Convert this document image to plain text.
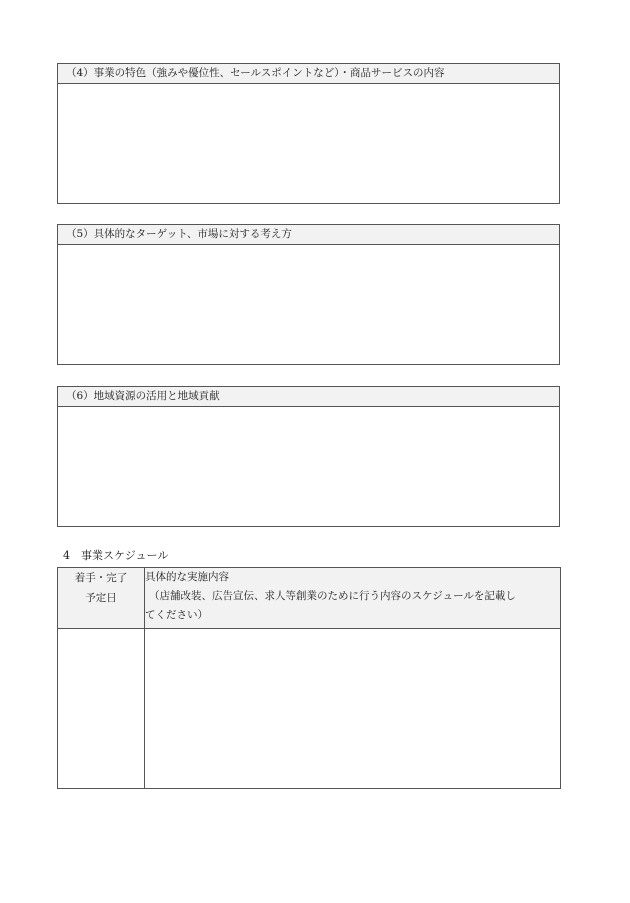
（4）事業の特色（強みや優位性、セールスポイントなど）・商品サービスの内容
（5）具体的なターゲット、市場に対する考え方
（6）地域資源の活用と地域貢献
4　事業スケジュール
着手・完了
予定日	具体的な実施内容
（店舗改装、広告宣伝、求人等創業のために行う内容のスケジュールを記載し
てください）
